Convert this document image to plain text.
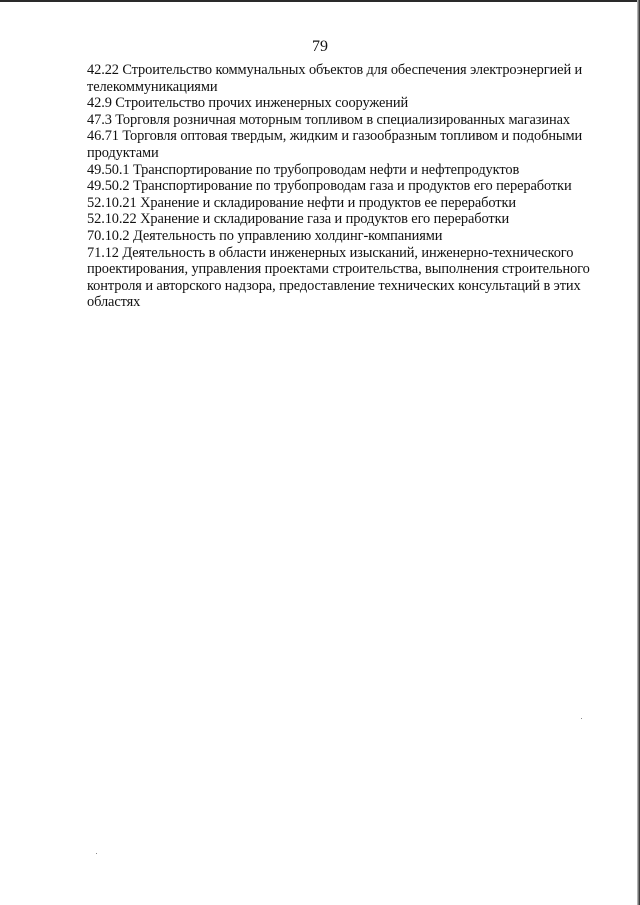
79

42.22 Строительство коммунальных объектов для обеспечения электроэнергией и телекоммуникациями

42.9 Строительство прочих инженерных сооружений

47.3 Торговля розничная моторным топливом в специализированных магазинах

46.71 Торговля оптовая твердым, жидким и газообразным топливом и подобными продуктами

49.50.1 Транспортирование по трубопроводам нефти и нефтепродуктов

49.50.2 Транспортирование по трубопроводам газа и продуктов его переработки

52.10.21 Хранение и складирование нефти и продуктов ее переработки

52.10.22 Хранение и складирование газа и продуктов его переработки

70.10.2 Деятельность по управлению холдинг-компаниями

71.12 Деятельность в области инженерных изысканий, инженерно-технического проектирования, управления проектами строительства, выполнения строительного контроля и авторского надзора, предоставление технических консультаций в этих областях
